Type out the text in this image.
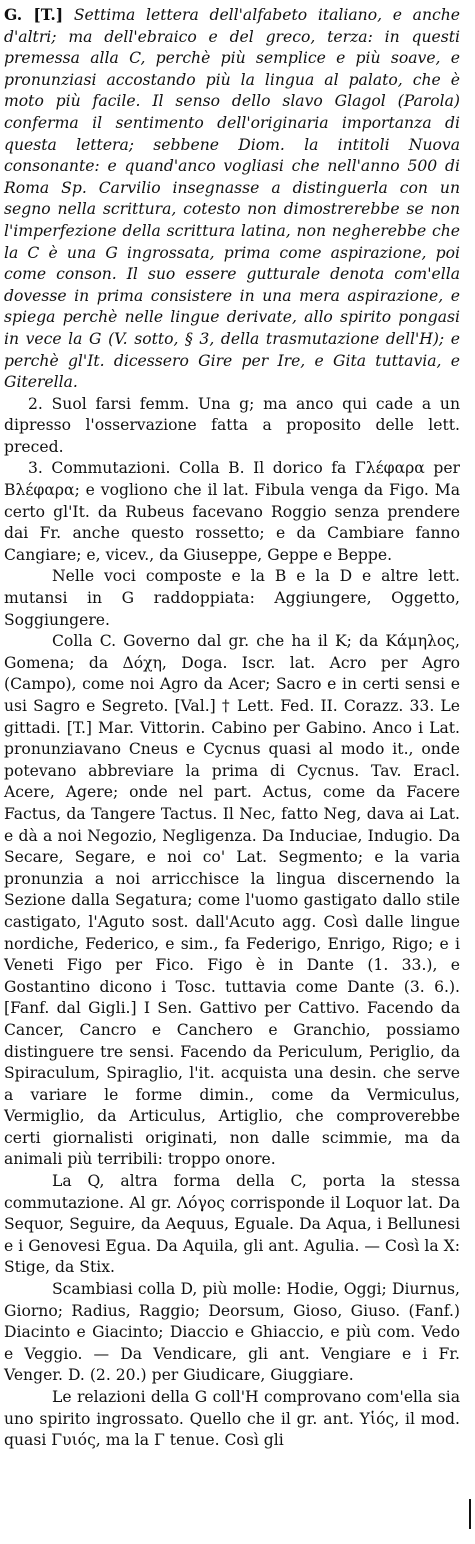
G. [T.] Settima lettera dell'alfabeto italiano, e anche d'altri; ma dell'ebraico e del greco, terza: in questi premessa alla C, perchè più semplice e più soave, e pronunziasi accostando più la lingua al palato, che è moto più facile. Il senso dello slavo Glagol (Parola) conferma il sentimento dell'originaria importanza di questa lettera; sebbene Diom. la intitoli Nuova consonante: e quand'anco vogliasi che nell'anno 500 di Roma Sp. Carvilio insegnasse a distinguerla con un segno nella scrittura, cotesto non dimostrerebbe se non l'imperfezione della scrittura latina, non negherebbe che la C è una G ingrossata, prima come aspirazione, poi come conson. Il suo essere gutturale denota com'ella dovesse in prima consistere in una mera aspirazione, e spiega perchè nelle lingue derivate, allo spirito pongasi in vece la G (V. sotto, § 3, della trasmutazione dell'H); e perchè gl'It. dicessero Gire per Ire, e Gita tuttavia, e Giterella.

2. Suol farsi femm. Una g; ma anco qui cade a un dipresso l'osservazione fatta a proposito delle lett. preced.

3. Commutazioni. Colla B. Il dorico fa Γλέφαρα per Βλέφαρα; e vogliono che il lat. Fibula venga da Figo. Ma certo gl'It. da Rubeus facevano Roggio senza prendere dai Fr. anche questo rossetto; e da Cambiare fanno Cangiare; e, vicev., da Giuseppe, Geppe e Beppe.

Nelle voci composte e la B e la D e altre lett. mutansi in G raddoppiata: Aggiungere, Oggetto, Soggiungere.

Colla C. Governo dal gr. che ha il Κ; da Κάμηλος, Gomena; da Δόχη, Doga. Iscr. lat. Acro per Agro (Campo), come noi Agro da Acer; Sacro e in certi sensi e usi Sagro e Segreto. [Val.] † Lett. Fed. II. Corazz. 33. Le gittadi. [T.] Mar. Vittorin. Cabino per Gabino. Anco i Lat. pronunziavano Cneus e Cycnus quasi al modo it., onde potevano abbreviare la prima di Cycnus. Tav. Eracl. Acere, Agere; onde nel part. Actus, come da Facere Factus, da Tangere Tactus. Il Nec, fatto Neg, dava ai Lat. e dà a noi Negozio, Negligenza. Da Induciae, Indugio. Da Secare, Segare, e noi co' Lat. Segmento; e la varia pronunzia a noi arricchisce la lingua discernendo la Sezione dalla Segatura; come l'uomo gastigato dallo stile castigato, l'Aguto sost. dall'Acuto agg. Così dalle lingue nordiche, Federico, e sim., fa Federigo, Enrigo, Rigo; e i Veneti Figo per Fico. Figo è in Dante (1. 33.), e Gostantino dicono i Tosc. tuttavia come Dante (3. 6.). [Fanf. dal Gigli.] I Sen. Gattivo per Cattivo. Facendo da Cancer, Cancro e Canchero e Granchio, possiamo distinguere tre sensi. Facendo da Periculum, Periglio, da Spiraculum, Spiraglio, l'it. acquista una desin. che serve a variare le forme dimin., come da Vermiculus, Vermiglio, da Articulus, Artiglio, che comproverebbe certi giornalisti originati, non dalle scimmie, ma da animali più terribili: troppo onore.

La Q, altra forma della C, porta la stessa commutazione. Al gr. Λόγος corrisponde il Loquor lat. Da Sequor, Seguire, da Aequus, Eguale. Da Aqua, i Bellunesi e i Genovesi Egua. Da Aquila, gli ant. Agulia. — Così la X: Stige, da Stix.

Scambiasi colla D, più molle: Hodie, Oggi; Diurnus, Giorno; Radius, Raggio; Deorsum, Gioso, Giuso. (Fanf.) Diacinto e Giacinto; Diaccio e Ghiaccio, e più com. Vedo e Veggio. — Da Vendicare, gli ant. Vengiare e i Fr. Venger. D. (2. 20.) per Giudicare, Giuggiare.

Le relazioni della G coll'H comprovano com'ella sia uno spirito ingrossato. Quello che il gr. ant. Υἱός, il mod. quasi Γυιός, ma la Γ tenue. Così gli
